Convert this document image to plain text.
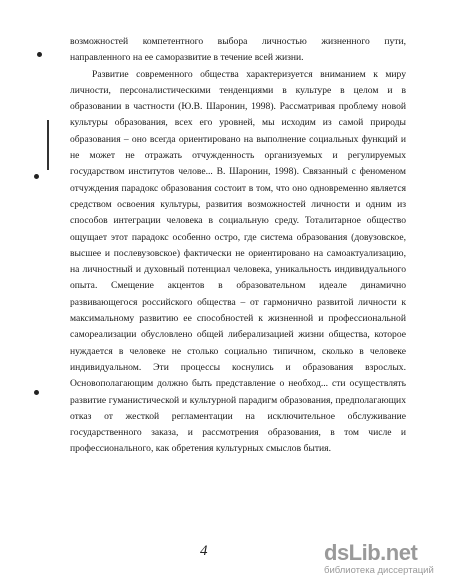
возможностей компетентного выбора личностью жизненного пути, направленного на ее саморазвитие в течение всей жизни.

Развитие современного общества характеризуется вниманием к миру личности, персоналистическими тенденциями в культуре в целом и в образовании в частности (Ю.В. Шаронин, 1998). Рассматривая проблему новой культуры образования, всех его уровней, мы исходим из самой природы образования – оно всегда ориентировано на выполнение социальных функций и не может не отражать отчужденность организуемых и регулируемых государством институтов челове... В. Шаронин, 1998). Связанный с феноменом отчуждения парадокс образования состоит в том, что оно одновременно является средством освоения культуры, развития возможностей личности и одним из способов интеграции человека в социальную среду. Тоталитарное общество ощущает этот парадокс особенно остро, где система образования (довузовское, высшее и послевузовское) фактически не ориентировано на самоактуализацию, на личностный и духовный потенциал человека, уникальность индивидуального опыта. Смещение акцентов в образовательном идеале динамично развивающегося российского общества – от гармонично развитой личности к максимальному развитию ее способностей к жизненной и профессиональной самореализации обусловлено общей либерализацией жизни общества, которое нуждается в человеке не столько социально типичном, сколько в человеке индивидуальном. Эти процессы коснулись и образования взрослых. Основополагающим должно быть представление о необход... сти осуществлять развитие гуманистической и культурной парадигм образования, предполагающих отказ от жесткой регламентации на исключительное обслуживание государственного заказа, и рассмотрения образования, в том числе и профессионального, как обретения культурных смыслов бытия.

4	dsLib.net
библиотека диссертаций
